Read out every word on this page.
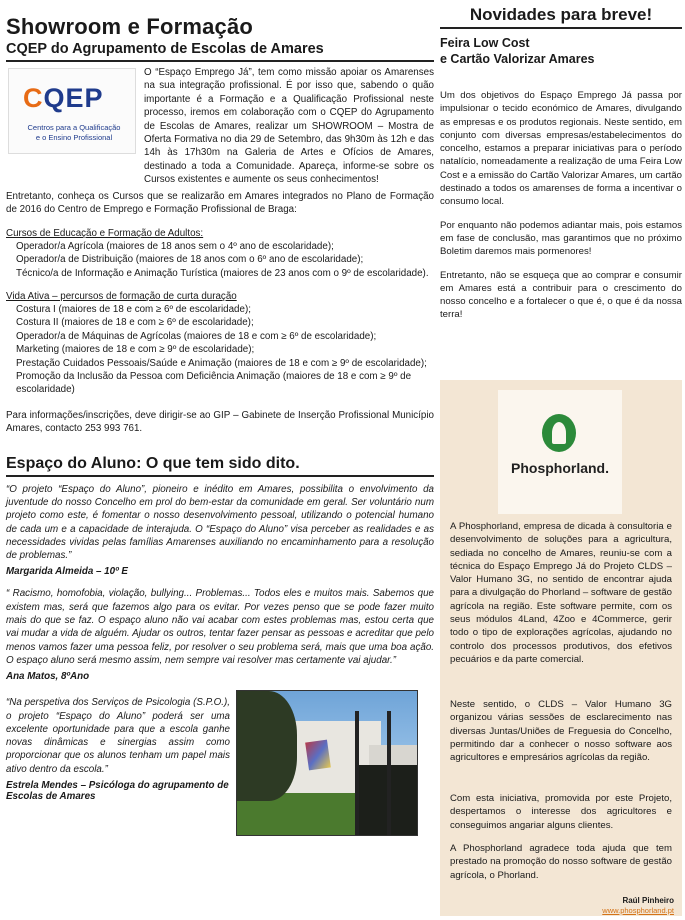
Showroom e Formação
CQEP do Agrupamento de Escolas de Amares
CQEP
Centros para a Qualificação
e o Ensino Profissional
O “Espaço Emprego Já”, tem como missão apoiar os Amarenses na sua integração profissional. É por isso que, sabendo o quão importante é a Formação e a Qualificação Profissional neste processo, iremos em colaboração com o CQEP do Agrupamento de Escolas de Amares, realizar um SHOWROOM – Mostra de Oferta Formativa no dia 29 de Setembro, das 9h30m às 12h e das 14h às 17h30m na Galeria de Artes e Ofícios de Amares, destinado a toda a Comunidade. Apareça, informe-se sobre os Cursos existentes e aumente os seus conhecimentos!
Entretanto, conheça os Cursos que se realizarão em Amares integrados no Plano de Formação de 2016 do Centro de Emprego e Formação Profissional de Braga:
Cursos de Educação e Formação de Adultos:
Operador/a Agrícola (maiores de 18 anos sem o 4º ano de escolaridade);
Operador/a de Distribuição (maiores de 18 anos com o 6º ano de escolaridade);
Técnico/a de Informação e Animação Turística (maiores de 23 anos com o 9º de escolaridade).
Vida Ativa – percursos de formação de curta duração
Costura I (maiores de 18 e com ≥ 6º de escolaridade);
Costura II (maiores de 18 e com ≥ 6º de escolaridade);
Operador/a de Máquinas de Agrícolas (maiores de 18 e com ≥ 6º de escolaridade);
Marketing (maiores de 18 e com ≥ 9º de escolaridade);
Prestação Cuidados Pessoais/Saúde e Animação (maiores de 18 e com ≥ 9º de escolaridade);
Promoção da Inclusão da Pessoa com Deficiência Animação (maiores de 18 e com ≥ 9º de escolaridade)
Para informações/inscrições, deve dirigir-se ao GIP – Gabinete de Inserção Profissional Município Amares, contacto 253 993 761.
Espaço do Aluno: O que tem sido dito.
“O projeto “Espaço do Aluno”, pioneiro e inédito em Amares, possibilita o envolvimento da juventude do nosso Concelho em prol do bem-estar da comunidade em geral. Ser voluntário num projeto como este, é fomentar o nosso desenvolvimento pessoal, utilizando o potencial humano de cada um e a capacidade de interajuda. O “Espaço do Aluno” visa perceber as realidades e as necessidades vividas pelas famílias Amarenses auxiliando no encaminhamento para a resolução de problemas.”
Margarida Almeida – 10º E
“ Racismo, homofobia, violação, bullying... Problemas... Todos eles e muitos mais. Sabemos que existem mas, será que fazemos algo para os evitar. Por vezes penso que se pode fazer muito mais do que se faz. O espaço aluno não vai acabar com estes problemas mas, estou certa que vai mudar a vida de alguém. Ajudar os outros, tentar fazer pensar as pessoas e acreditar que pelo menos vamos fazer uma pessoa feliz, por resolver o seu problema será, mais que uma boa ação. O espaço aluno será mesmo assim, nem sempre vai resolver mas certamente vai ajudar.”
Ana Matos, 8ºAno
“Na perspetiva dos Serviços de Psicologia (S.P.O.), o projeto “Espaço do Aluno” poderá ser uma excelente oportunidade para que a escola ganhe novas dinâmicas e sinergias assim como proporcionar que os alunos tenham um papel mais ativo dentro da escola.”
Estrela Mendes – Psicóloga do agrupamento de Escolas de Amares
Novidades para breve!
Feira Low Cost
e Cartão Valorizar Amares
Um dos objetivos do Espaço Emprego Já passa por impulsionar o tecido económico de Amares, divulgando as empresas e os produtos regionais. Neste sentido, em conjunto com diversas empresas/estabelecimentos do concelho, estamos a preparar iniciativas para o período natalício, nomeadamente a realização de uma Feira Low Cost e a emissão do Cartão Valorizar Amares, um cartão destinado a todos os amarenses de forma a incentivar o consumo local.
Por enquanto não podemos adiantar mais, pois estamos em fase de conclusão, mas garantimos que no próximo Boletim daremos mais pormenores!
Entretanto, não se esqueça que ao comprar e consumir em Amares está a contribuir para o crescimento do nosso concelho e a fortalecer o que é, o que é da nossa terra!
Phosphorland.
A Phosphorland, empresa de dicada à consultoria e desenvolvimento de soluções para a agricultura, sediada no concelho de Amares, reuniu-se com a técnica do Espaço Emprego Já do Projeto CLDS – Valor Humano 3G, no sentido de encontrar ajuda para a divulgação do Phorland – software de gestão agrícola na região. Este software permite, com os seus módulos 4Land, 4Zoo e 4Commerce, gerir todo o tipo de explorações agrícolas, ajudando no controlo dos processos produtivos, dos efetivos pecuários e da parte comercial.
Neste sentido, o CLDS – Valor Humano 3G organizou várias sessões de esclarecimento nas diversas Juntas/Uniões de Freguesia do Concelho, permitindo dar a conhecer o nosso software aos agricultores e empresários agrícolas da região.
Com esta iniciativa, promovida por este Projeto, despertamos o interesse dos agricultores e conseguimos angariar alguns clientes.
A Phosphorland agradece toda ajuda que tem prestado na promoção do nosso software de gestão agrícola, o Phorland.
Raúl Pinheiro
www.phosphorland.pt
